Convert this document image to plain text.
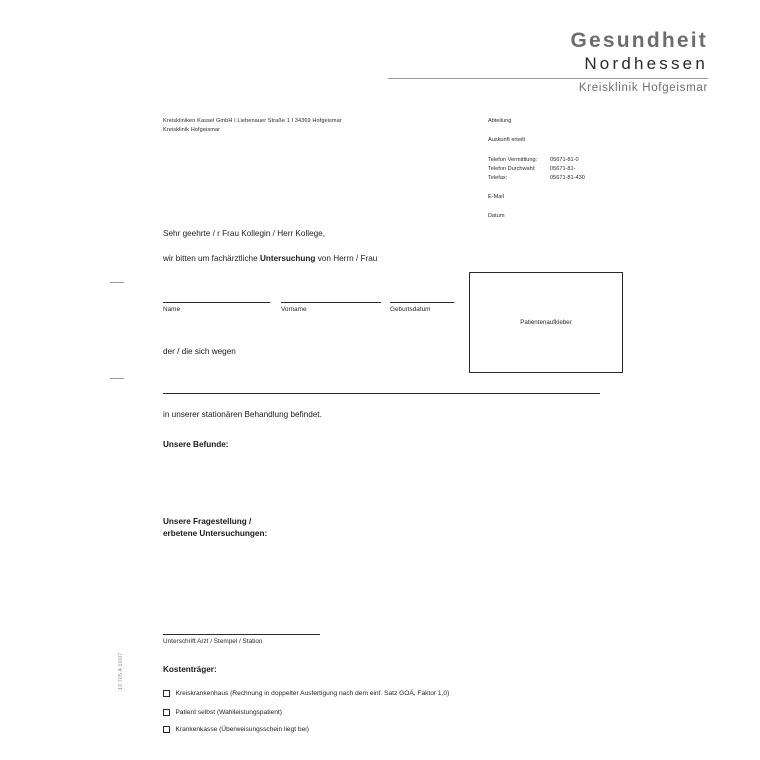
Gesundheit
Nordhessen
Kreisklinik Hofgeismar
Kreiskliniken Kassel GmbH I Liebenauer Straße 1 I 34369 Hofgeismar
Kreisklinik Hofgeismar
Abteilung
Auskunft erteilt
Telefon Vermittlung:	05671-81-0
Telefon Durchwahl:	05671-81-
Telefax:	05671-81-430
E-Mail
Datum
Sehr geehrte / r Frau Kollegin / Herr Kollege,
wir bitten um fachärztliche Untersuchung von Herrn / Frau
Name	Vorname	Geburtsdatum
Patientenaufkleber
der / die sich wegen
in unserer stationären Behandlung befindet.
Unsere Befunde:
Unsere Fragestellung /
erbetene Untersuchungen:
Unterschrift Arzt / Stempel / Station
Kostenträger:
Kreiskrankenhaus (Rechnung in doppelter Ausfertigung nach dem einf. Satz GOÄ, Faktor 1,0)
Patient selbst (Wahlleistungspatient)
Krankenkasse (Überweisungsschein liegt bei)
10 705 A 10/07
